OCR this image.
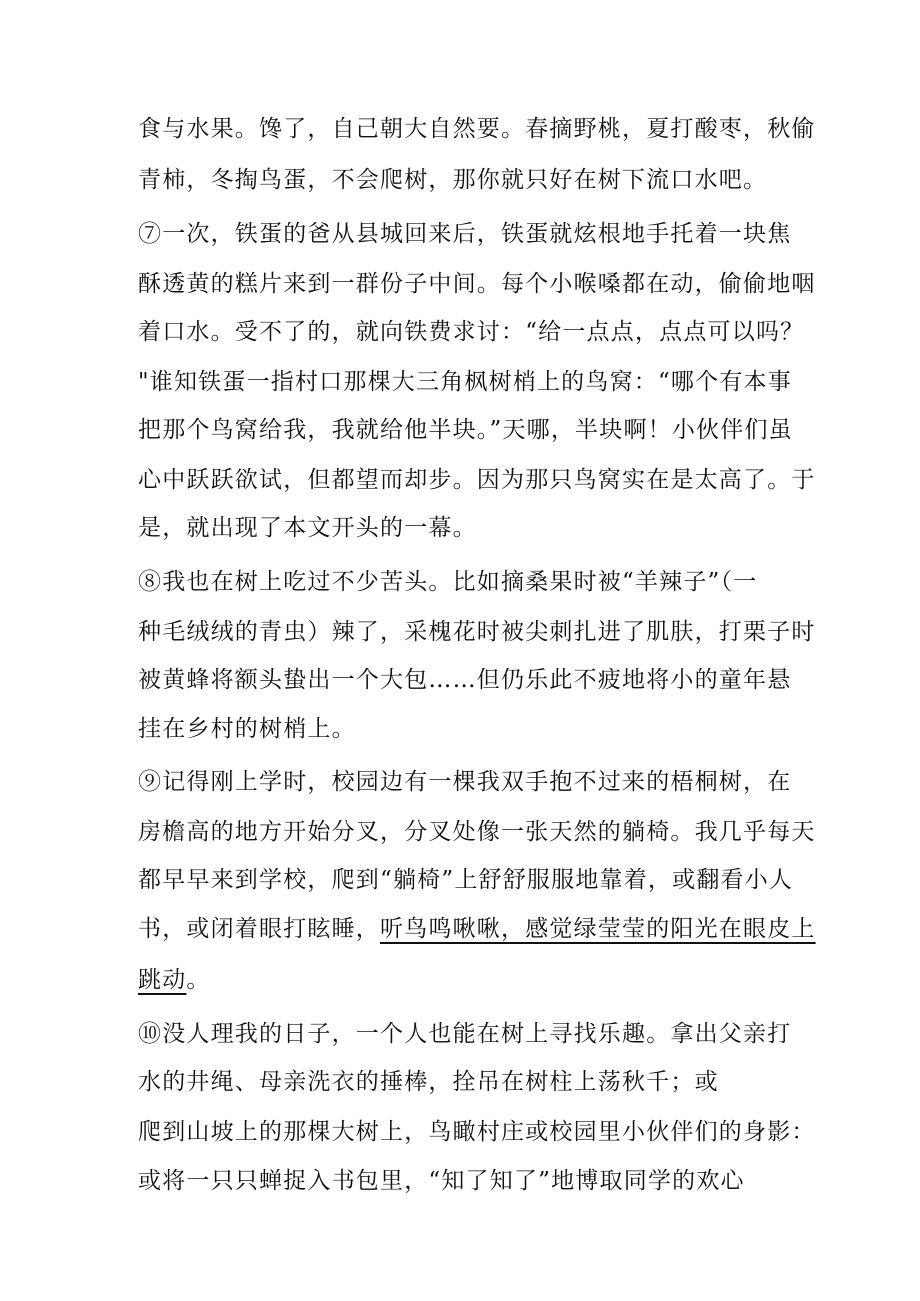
食与水果。馋了，自己朝大自然要。春摘野桃，夏打酸枣，秋偷
青柿，冬掏鸟蛋，不会爬树，那你就只好在树下流口水吧。
⑦一次，铁蛋的爸从县城回来后，铁蛋就炫根地手托着一块焦
酥透黄的糕片来到一群份子中间。每个小喉嗓都在动，偷偷地咽
着口水。受不了的，就向铁费求讨：“给一点点，点点可以吗？
"谁知铁蛋一指村口那棵大三角枫树梢上的鸟窝：“哪个有本事
把那个鸟窝给我，我就给他半块。”天哪，半块啊！小伙伴们虽
心中跃跃欲试，但都望而却步。因为那只鸟窝实在是太高了。于
是，就出现了本文开头的一幕。
⑧我也在树上吃过不少苦头。比如摘桑果时被“羊辣子”（一
种毛绒绒的青虫）辣了，采槐花时被尖刺扎进了肌肤，打栗子时
被黄蜂将额头蛰出一个大包……但仍乐此不疲地将小的童年悬
挂在乡村的树梢上。
⑨记得刚上学时，校园边有一棵我双手抱不过来的梧桐树，在
房檐高的地方开始分叉，分叉处像一张天然的躺椅。我几乎每天
都早早来到学校，爬到“躺椅”上舒舒服服地靠着，或翻看小人
书，或闭着眼打眩睡，听鸟鸣啾啾，感觉绿莹莹的阳光在眼皮上
跳动。
⑩没人理我的日子，一个人也能在树上寻找乐趣。拿出父亲打
水的井绳、母亲洗衣的捶棒，拴吊在树柱上荡秋千；或
爬到山坡上的那棵大树上，鸟瞰村庄或校园里小伙伴们的身影：
或将一只只蝉捉入书包里，“知了知了”地博取同学的欢心
